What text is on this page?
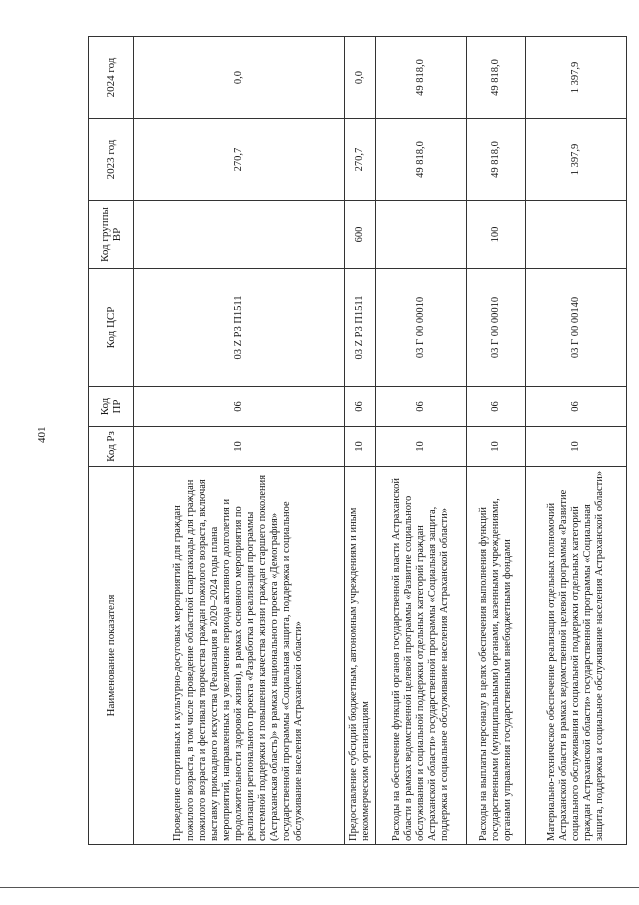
401
Наименование показателя	Код Рз	Код ПР	Код ЦСР	Код группы ВР	2023 год	2024 год
Проведение спортивных и культурно-досуговых мероприятий для граждан пожилого возраста, в том числе проведение областной спартакиады для граждан пожилого возраста и фестиваля творчества граждан пожилого возраста, включая выставку прикладного искусства (Реализация в 2020–2024 годы плана мероприятий, направленных на увеличение периода активного долголетия и продолжительности здоровой жизни), в рамках основного мероприятия по реализации регионального проекта «Разработка и реализация программы системной поддержки и повышения качества жизни граждан старшего поколения (Астраханская область)» в рамках национального проекта «Демография» государственной программы «Социальная защита, поддержка и социальное обслуживание населения Астраханской области»	10	06	03 Z P3 П1511		270,7	0,0
Предоставление субсидий бюджетным, автономным учреждениям и иным некоммерческим организациям	10	06	03 Z P3 П1511	600	270,7	0,0
Расходы на обеспечение функций органов государственной власти Астраханской области в рамках ведомственной целевой программы «Развитие социального обслуживания и социальной поддержки отдельных категорий граждан Астраханской области» государственной программы «Социальная защита, поддержка и социальное обслуживание населения Астраханской области»	10	06	03 Г 00 00010		49 818,0	49 818,0
Расходы на выплаты персоналу в целях обеспечения выполнения функций государственными (муниципальными) органами, казенными учреждениями, органами управления государственными внебюджетными фондами	10	06	03 Г 00 00010	100	49 818,0	49 818,0
Материально-техническое обеспечение реализации отдельных полномочий Астраханской области в рамках ведомственной целевой программы «Развитие социального обслуживания и социальной поддержки отдельных категорий граждан Астраханской области» государственной программы «Социальная защита, поддержка и социальное обслуживание населения Астраханской области»	10	06	03 Г 00 00140		1 397,9	1 397,9
